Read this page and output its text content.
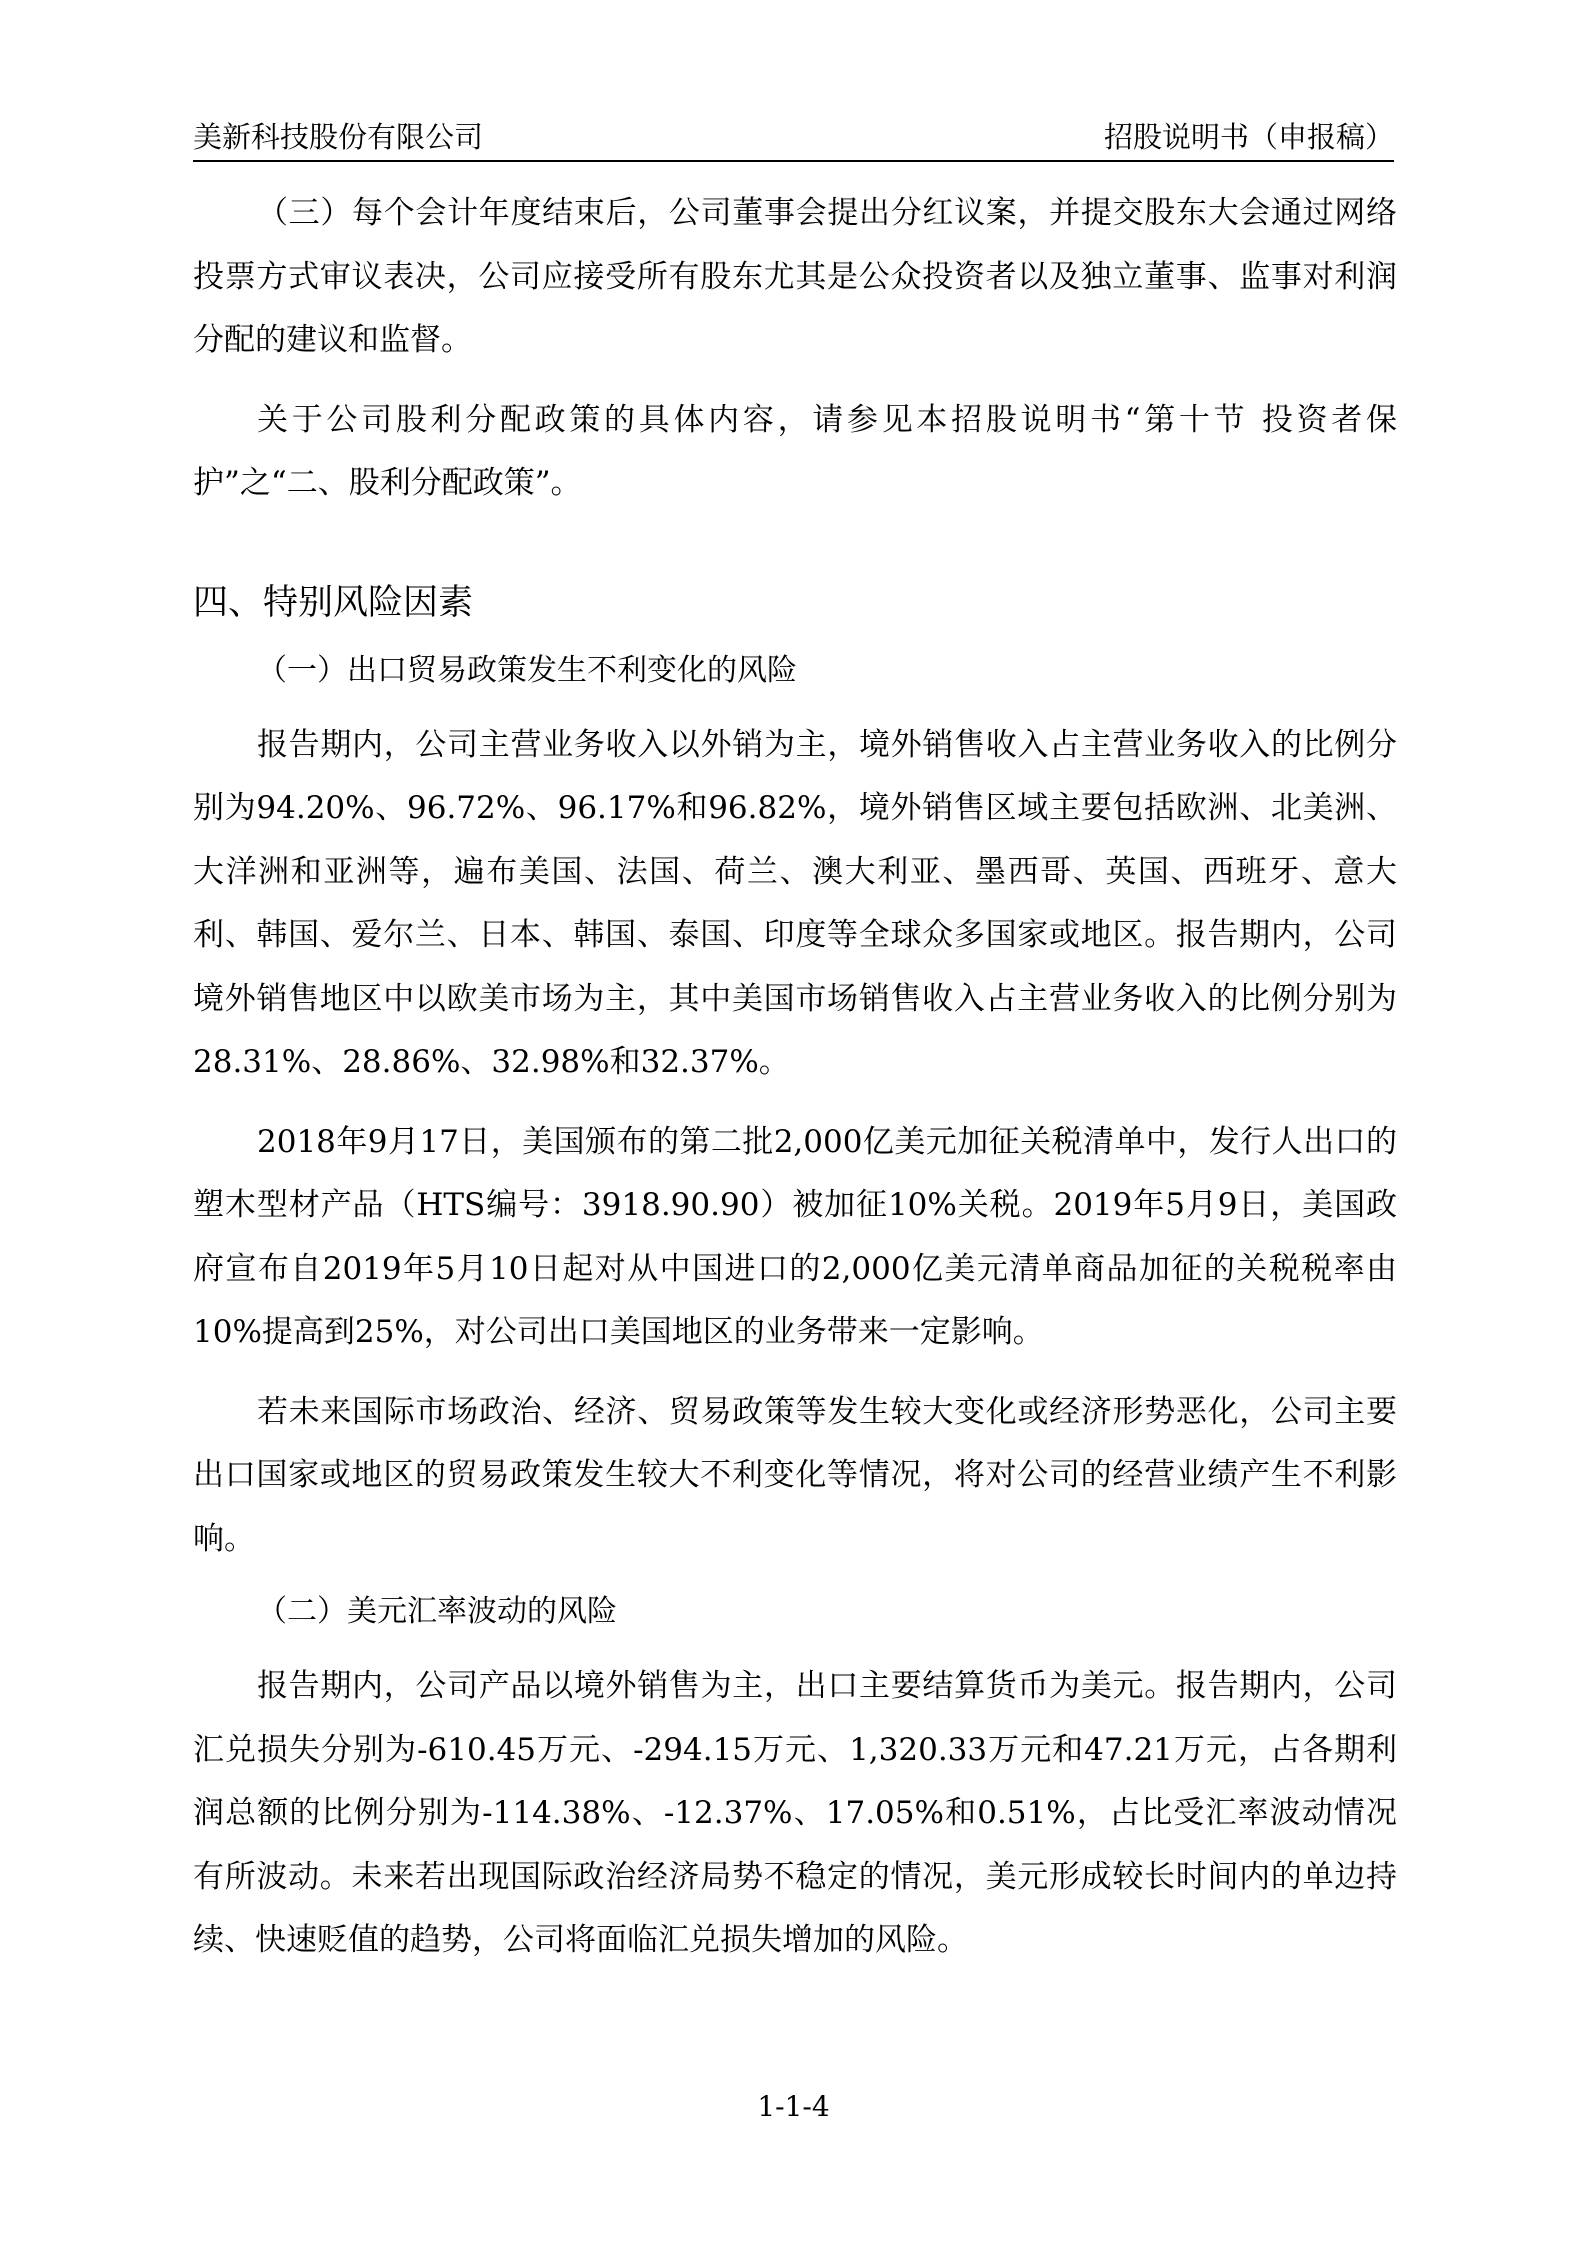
美新科技股份有限公司	招股说明书（申报稿）

（三）每个会计年度结束后，公司董事会提出分红议案，并提交股东大会通过网络投票方式审议表决，公司应接受所有股东尤其是公众投资者以及独立董事、监事对利润分配的建议和监督。

关于公司股利分配政策的具体内容，请参见本招股说明书“第十节 投资者保护”之“二、股利分配政策”。

四、特别风险因素
（一）出口贸易政策发生不利变化的风险

报告期内，公司主营业务收入以外销为主，境外销售收入占主营业务收入的比例分别为94.20%、96.72%、96.17%和96.82%，境外销售区域主要包括欧洲、北美洲、大洋洲和亚洲等，遍布美国、法国、荷兰、澳大利亚、墨西哥、英国、西班牙、意大利、韩国、爱尔兰、日本、韩国、泰国、印度等全球众多国家或地区。报告期内，公司境外销售地区中以欧美市场为主，其中美国市场销售收入占主营业务收入的比例分别为28.31%、28.86%、32.98%和32.37%。

2018年9月17日，美国颁布的第二批2,000亿美元加征关税清单中，发行人出口的塑木型材产品（HTS编号：3918.90.90）被加征10%关税。2019年5月9日，美国政府宣布自2019年5月10日起对从中国进口的2,000亿美元清单商品加征的关税税率由10%提高到25%，对公司出口美国地区的业务带来一定影响。

若未来国际市场政治、经济、贸易政策等发生较大变化或经济形势恶化，公司主要出口国家或地区的贸易政策发生较大不利变化等情况，将对公司的经营业绩产生不利影响。

（二）美元汇率波动的风险

报告期内，公司产品以境外销售为主，出口主要结算货币为美元。报告期内，公司汇兑损失分别为-610.45万元、-294.15万元、1,320.33万元和47.21万元，占各期利润总额的比例分别为-114.38%、-12.37%、17.05%和0.51%，占比受汇率波动情况有所波动。未来若出现国际政治经济局势不稳定的情况，美元形成较长时间内的单边持续、快速贬值的趋势，公司将面临汇兑损失增加的风险。

1-1-4
